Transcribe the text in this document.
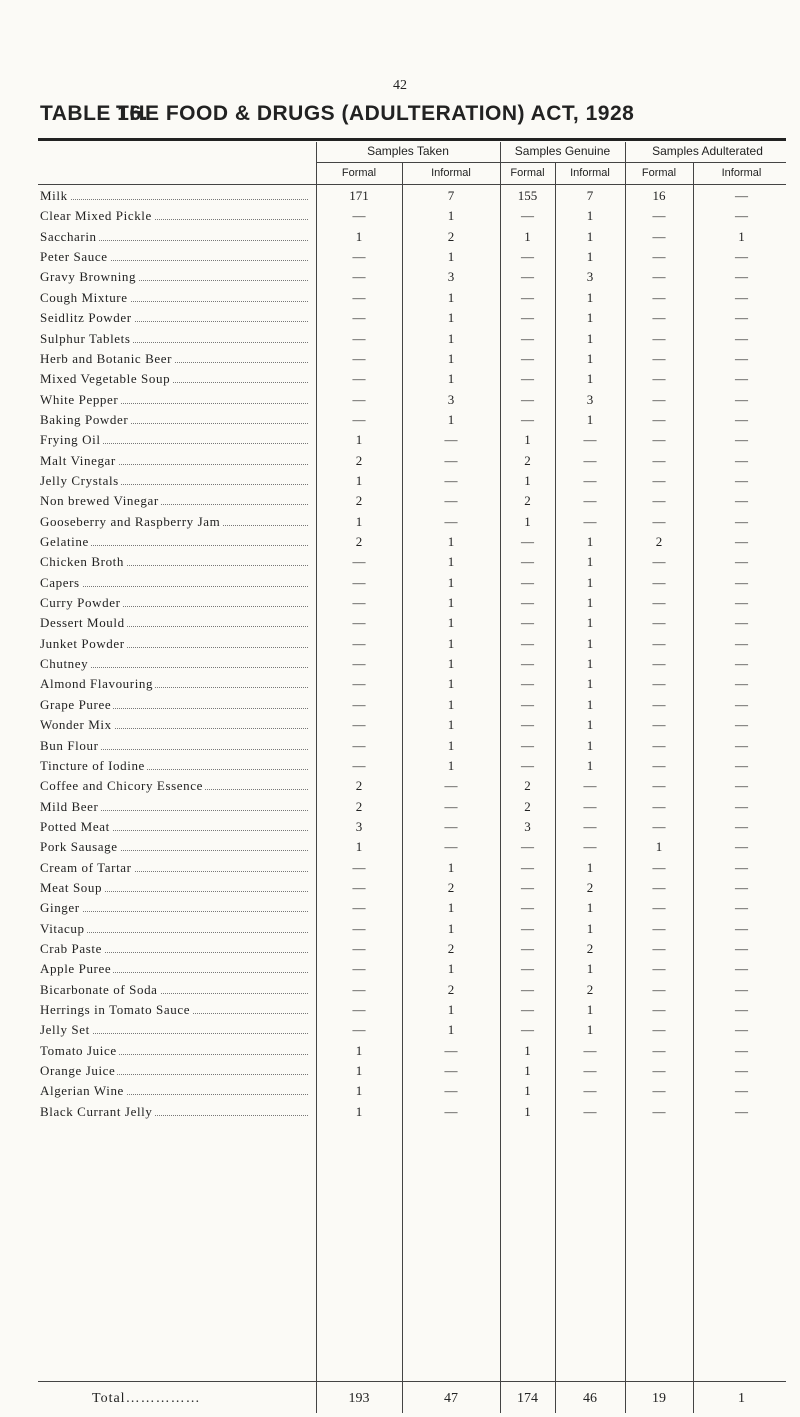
42
TABLE 16.THE FOOD & DRUGS (ADULTERATION) ACT, 1928
Samples Taken	Samples Genuine	Samples Adulterated
Formal	Informal	Formal	Informal	Formal	Informal
Milk	171	7	155	7	16	—
Clear Mixed Pickle	—	1	—	1	—	—
Saccharin	1	2	1	1	—	1
Peter Sauce	—	1	—	1	—	—
Gravy Browning	—	3	—	3	—	—
Cough Mixture	—	1	—	1	—	—
Seidlitz Powder	—	1	—	1	—	—
Sulphur Tablets	—	1	—	1	—	—
Herb and Botanic Beer	—	1	—	1	—	—
Mixed Vegetable Soup	—	1	—	1	—	—
White Pepper	—	3	—	3	—	—
Baking Powder	—	1	—	1	—	—
Frying Oil	1	—	1	—	—	—
Malt Vinegar	2	—	2	—	—	—
Jelly Crystals	1	—	1	—	—	—
Non brewed Vinegar	2	—	2	—	—	—
Gooseberry and Raspberry Jam	1	—	1	—	—	—
Gelatine	2	1	—	1	2	—
Chicken Broth	—	1	—	1	—	—
Capers	—	1	—	1	—	—
Curry Powder	—	1	—	1	—	—
Dessert Mould	—	1	—	1	—	—
Junket Powder	—	1	—	1	—	—
Chutney	—	1	—	1	—	—
Almond Flavouring	—	1	—	1	—	—
Grape Puree	—	1	—	1	—	—
Wonder Mix	—	1	—	1	—	—
Bun Flour	—	1	—	1	—	—
Tincture of Iodine	—	1	—	1	—	—
Coffee and Chicory Essence	2	—	2	—	—	—
Mild Beer	2	—	2	—	—	—
Potted Meat	3	—	3	—	—	—
Pork Sausage	1	—	—	—	1	—
Cream of Tartar	—	1	—	1	—	—
Meat Soup	—	2	—	2	—	—
Ginger	—	1	—	1	—	—
Vitacup	—	1	—	1	—	—
Crab Paste	—	2	—	2	—	—
Apple Puree	—	1	—	1	—	—
Bicarbonate of Soda	—	2	—	2	—	—
Herrings in Tomato Sauce	—	1	—	1	—	—
Jelly Set	—	1	—	1	—	—
Tomato Juice	1	—	1	—	—	—
Orange Juice	1	—	1	—	—	—
Algerian Wine	1	—	1	—	—	—
Black Currant Jelly	1	—	1	—	—	—
Total……………	193	47	174	46	19	1
